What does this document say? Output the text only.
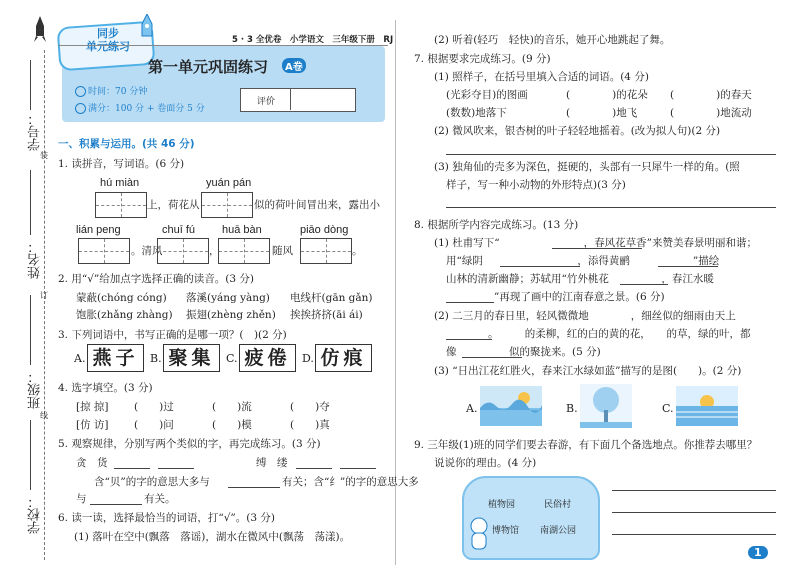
学号：
姓名：
班级：
学校：
装
订
线
同步
单元练习	5 · 3 全优卷　小学语文　三年级下册　RJ
第一单元巩固练习	A卷
时间：70 分钟
满分：100 分 + 卷面分 5 分
评价
一、积累与运用。(共 46 分)
1. 读拼音，写词语。(6 分)
hú miàn	yuán pán
上，荷花从	似的荷叶间冒出来，露出小
lián peng	chuī fú huā bàn	piāo dòng
。清风	，	随风	。
2. 用“√”给加点字选择正确的读音。(3 分)
蒙蔽(chóng cóng) 落溪(yáng yàng) 电线杆(gān gǎn)
饱胀(zhǎng zhàng) 振翅(zhèng zhěn) 挨挨挤挤(āi ái)
3. 下列词语中，书写正确的是哪一项？(　)(2 分)
A. 燕子	B. 聚集	C. 疲倦	D. 仿痕
4. 选字填空。(3 分)
[掠 掠] (　　)过	(　　)流	(　　)夺
[仿 访] (　　)问	(　　)模	(　　)真
5. 观察规律，分别写两个类似的字，再完成练习。(3 分)
贪　货	缚　缕
含“贝”的字的意思大多与	有关；含“纟”的字的意思大多
与	有关。
6. 读一读，选择最恰当的词语，打“√”。(3 分)
(1) 落叶在空中(飘落　落谣)，湖水在微风中(飘荡　荡漾)。
(2) 听着(轻巧　轻快)的音乐，她开心地跳起了舞。
7. 根据要求完成练习。(9 分)
(1) 照样子，在括号里填入合适的词语。(4 分)
(光彩夺目)的图画	(　　　　)的花朵 (　　　　)的春天
(数数)地落下	(　　　　)地飞	(　　　　)地流动
(2) 微风吹来，银杏树的叶子轻轻地摇着。(改为拟人句)(2 分)
(3) 独角仙的壳多为深色，挺硬的，头部有一只犀牛一样的角。(照
样子，写一种小动物的外形特点)(3 分)
8. 根据所学内容完成练习。(13 分)
(1) 杜甫写下“　　　　　　　　，春风花草香”来赞美春景明丽和谐；
用“绿阴　　　　　　　　　，添得黄鹂　　　　　　”描绘
山林的清新幽静；苏轼用“竹外桃花　　　　　，春江水暖
”再现了画中的江南春意之景。(6 分)
(2) 二三月的春日里，轻风微微地　　　　，细丝似的细雨由天上
　　　　。　　　的柔柳，红的白的黄的花，　　的草，绿的叶，都
像　　　　　似的聚拢来。(5 分)
(3) “日出江花红胜火，春来江水绿如蓝”描写的是图(　　)。(2 分)
A.	B.	C.
9. 三年级(1)班的同学们要去春游，有下面几个备选地点。你推荐去哪里？
说说你的理由。(4 分)
植物园	民俗村
博物馆 南湖公园
1
